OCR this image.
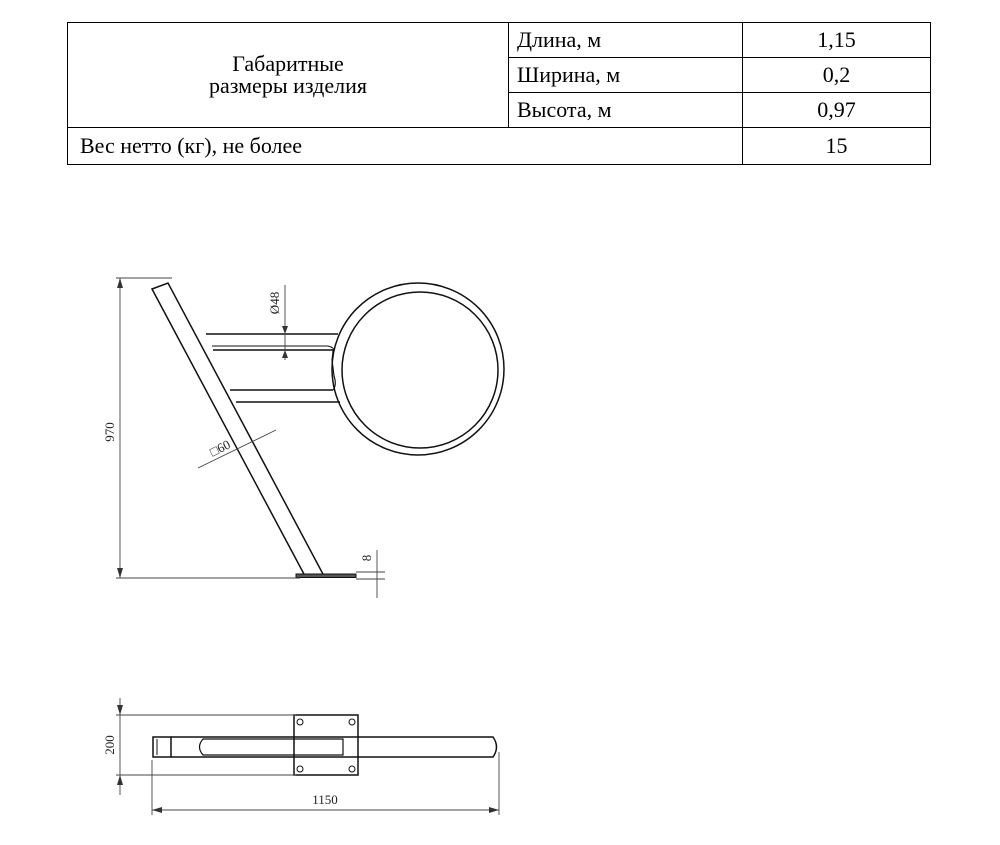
Габаритные
размеры изделия	Длина, м	1,15
	Ширина, м	0,2
	Высота, м	0,97
Вес нетто (кг), не более		15
970
Ø48
□60
8
200
1150
